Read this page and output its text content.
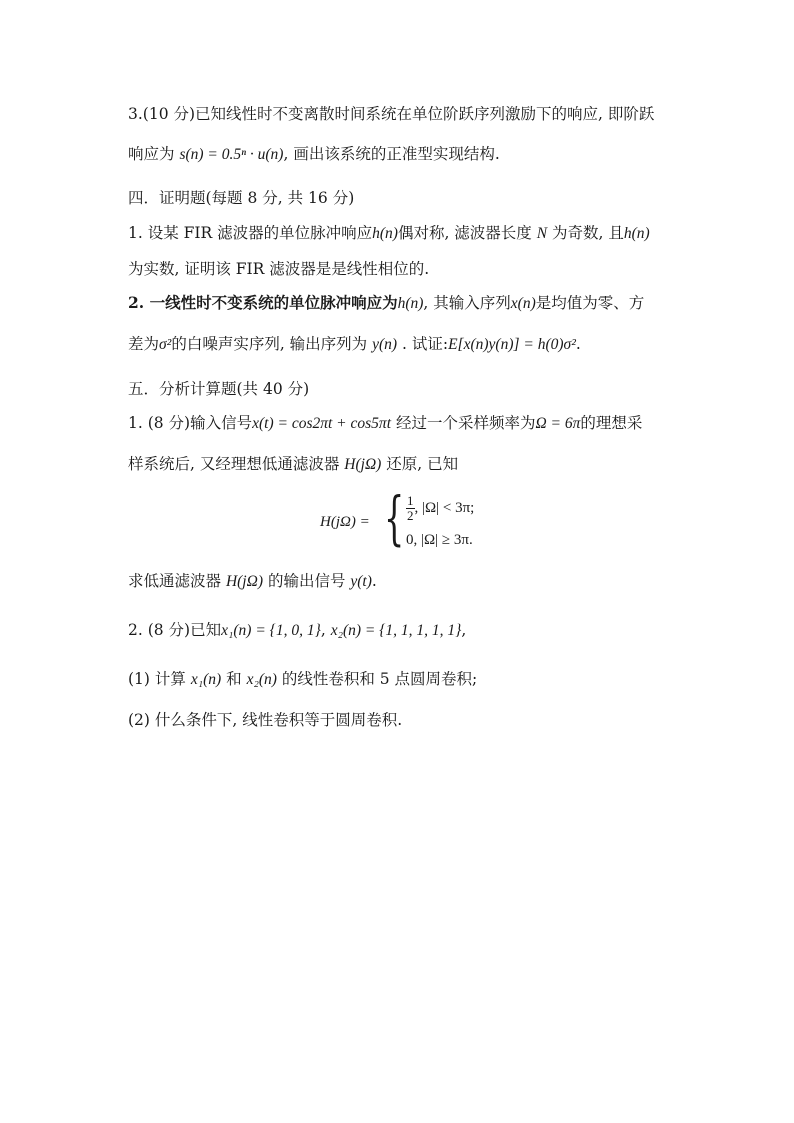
3.(10 分)已知线性时不变离散时间系统在单位阶跃序列激励下的响应, 即阶跃
响应为 s(n) = 0.5ⁿ · u(n), 画出该系统的正准型实现结构.
四．证明题(每题 8 分, 共 16 分)
1. 设某 FIR 滤波器的单位脉冲响应h(n)偶对称, 滤波器长度 N 为奇数, 且h(n)
为实数, 证明该 FIR 滤波器是是线性相位的.
2. 一线性时不变系统的单位脉冲响应为h(n), 其输入序列x(n)是均值为零、方
差为σ²的白噪声实序列, 输出序列为 y(n) . 试证:E[x(n)y(n)] = h(0)σ².
五．分析计算题(共 40 分)
1. (8 分)输入信号x(t) = cos2πt + cos5πt 经过一个采样频率为Ω = 6π的理想采
样系统后, 又经理想低通滤波器 H(jΩ) 还原, 已知
H(jΩ) = { $\frac{1}{2}$ , |Ω| < 3π;
0, |Ω| ≥ 3π.
求低通滤波器 H(jΩ) 的输出信号 y(t).
2. (8 分)已知x₁(n) = {1, 0, 1}, x₂(n) = {1, 1, 1, 1, 1},
(1) 计算 x₁(n) 和 x₂(n) 的线性卷积和 5 点圆周卷积;
(2) 什么条件下, 线性卷积等于圆周卷积.
